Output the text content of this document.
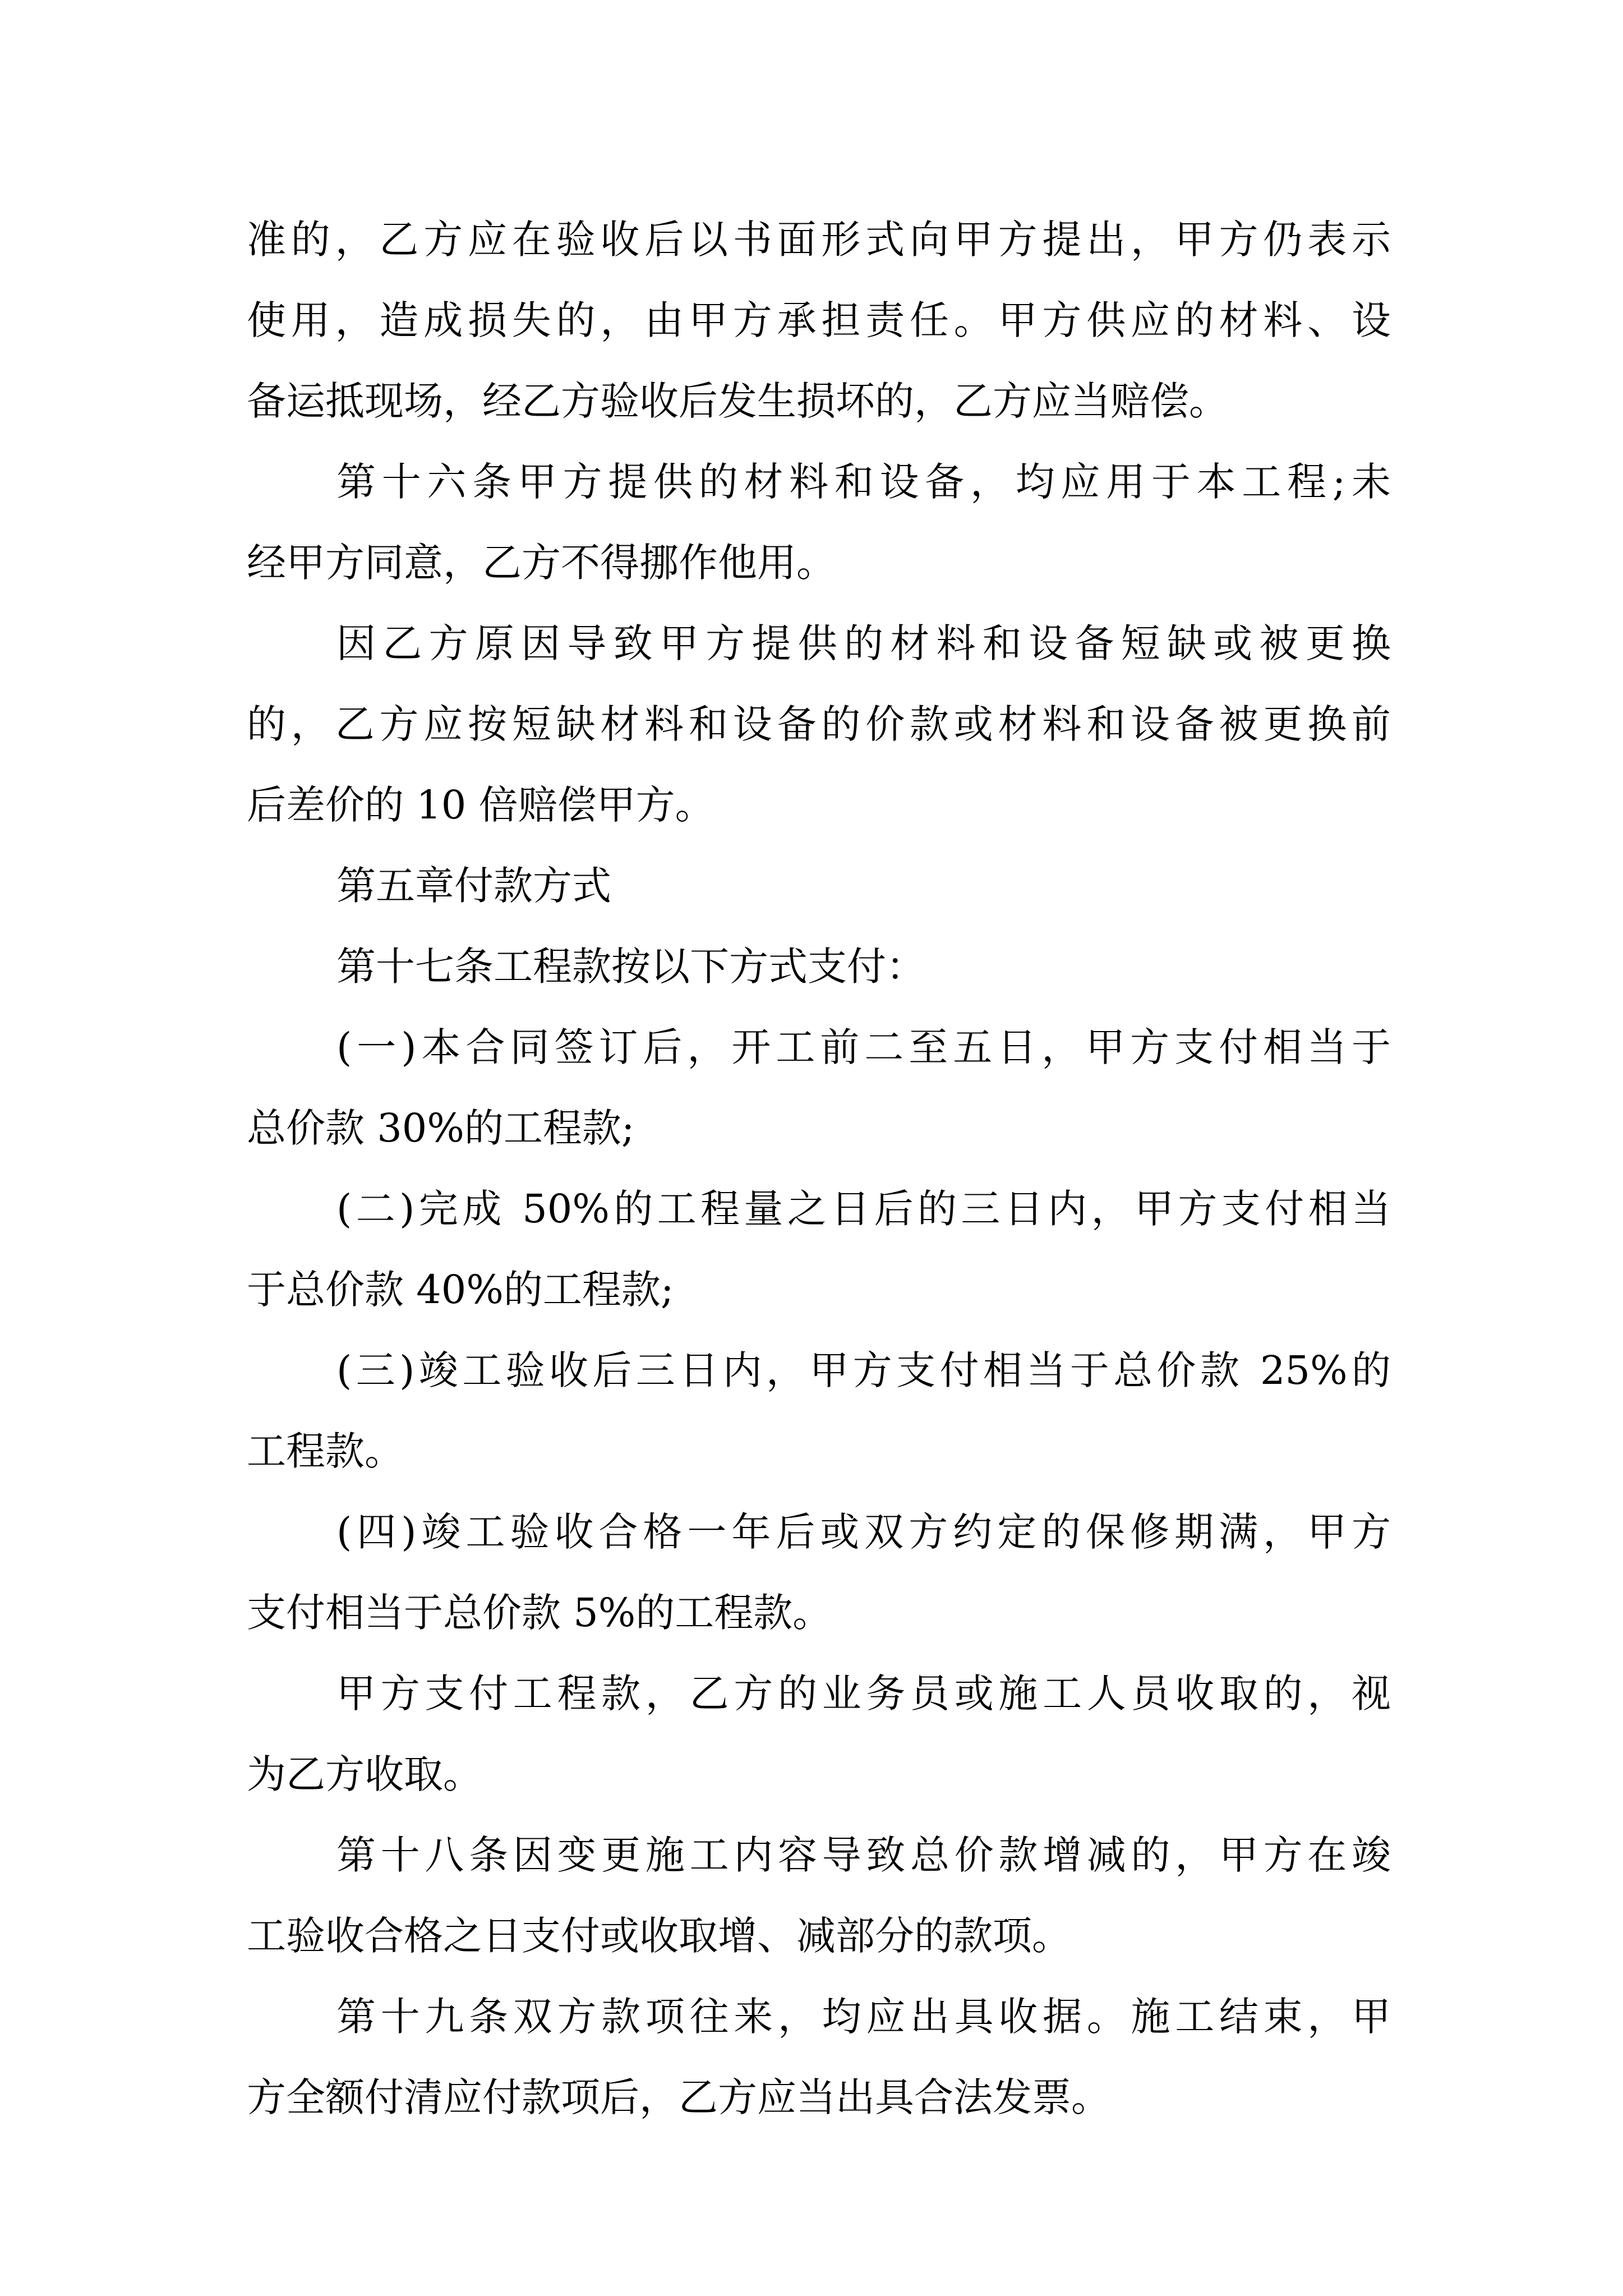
准的，乙方应在验收后以书面形式向甲方提出，甲方仍表示
使用，造成损失的，由甲方承担责任。甲方供应的材料、设
备运抵现场，经乙方验收后发生损坏的，乙方应当赔偿。
第十六条甲方提供的材料和设备，均应用于本工程;未
经甲方同意，乙方不得挪作他用。
因乙方原因导致甲方提供的材料和设备短缺或被更换
的，乙方应按短缺材料和设备的价款或材料和设备被更换前
后差价的 10 倍赔偿甲方。
第五章付款方式
第十七条工程款按以下方式支付：
(一)本合同签订后，开工前二至五日，甲方支付相当于
总价款 30%的工程款;
(二)完成 50%的工程量之日后的三日内，甲方支付相当
于总价款 40%的工程款;
(三)竣工验收后三日内，甲方支付相当于总价款 25%的
工程款。
(四)竣工验收合格一年后或双方约定的保修期满，甲方
支付相当于总价款 5%的工程款。
甲方支付工程款，乙方的业务员或施工人员收取的，视
为乙方收取。
第十八条因变更施工内容导致总价款增减的，甲方在竣
工验收合格之日支付或收取增、减部分的款项。
第十九条双方款项往来，均应出具收据。施工结束，甲
方全额付清应付款项后，乙方应当出具合法发票。
